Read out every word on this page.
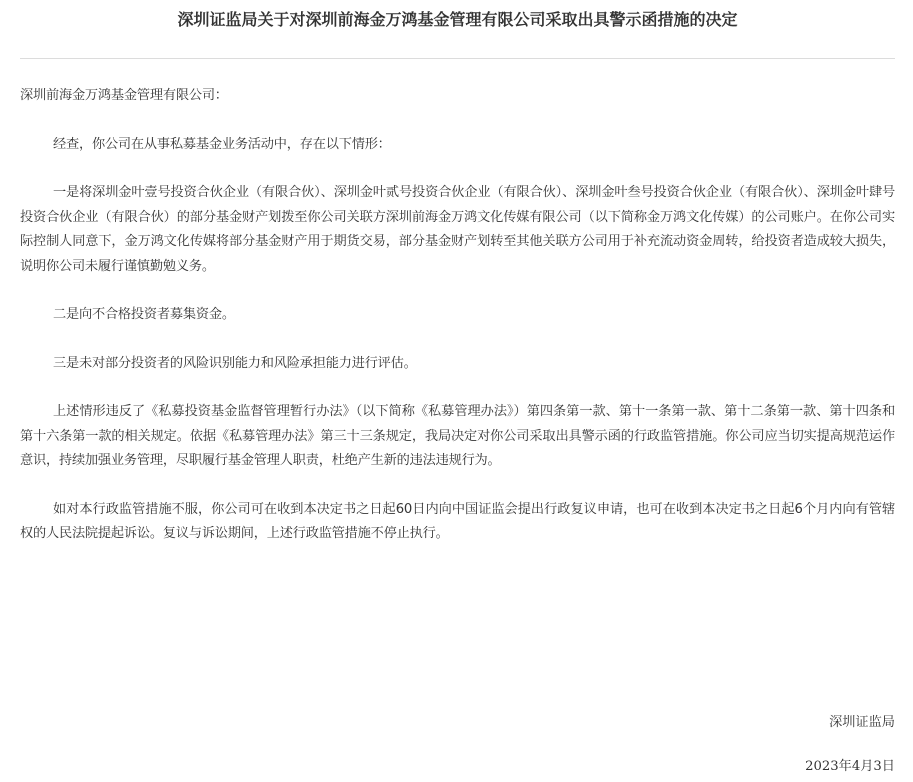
深圳证监局关于对深圳前海金万鸿基金管理有限公司采取出具警示函措施的决定

深圳前海金万鸿基金管理有限公司：

经查，你公司在从事私募基金业务活动中，存在以下情形：

一是将深圳金叶壹号投资合伙企业（有限合伙）、深圳金叶贰号投资合伙企业（有限合伙）、深圳金叶叁号投资合伙企业（有限合伙）、深圳金叶肆号投资合伙企业（有限合伙）的部分基金财产划拨至你公司关联方深圳前海金万鸿文化传媒有限公司（以下简称金万鸿文化传媒）的公司账户。在你公司实际控制人同意下，金万鸿文化传媒将部分基金财产用于期货交易，部分基金财产划转至其他关联方公司用于补充流动资金周转，给投资者造成较大损失，说明你公司未履行谨慎勤勉义务。

二是向不合格投资者募集资金。

三是未对部分投资者的风险识别能力和风险承担能力进行评估。

上述情形违反了《私募投资基金监督管理暂行办法》（以下简称《私募管理办法》）第四条第一款、第十一条第一款、第十二条第一款、第十四条和第十六条第一款的相关规定。依据《私募管理办法》第三十三条规定，我局决定对你公司采取出具警示函的行政监管措施。你公司应当切实提高规范运作意识，持续加强业务管理，尽职履行基金管理人职责，杜绝产生新的违法违规行为。

如对本行政监管措施不服，你公司可在收到本决定书之日起60日内向中国证监会提出行政复议申请，也可在收到本决定书之日起6个月内向有管辖权的人民法院提起诉讼。复议与诉讼期间，上述行政监管措施不停止执行。

深圳证监局
2023年4月3日
